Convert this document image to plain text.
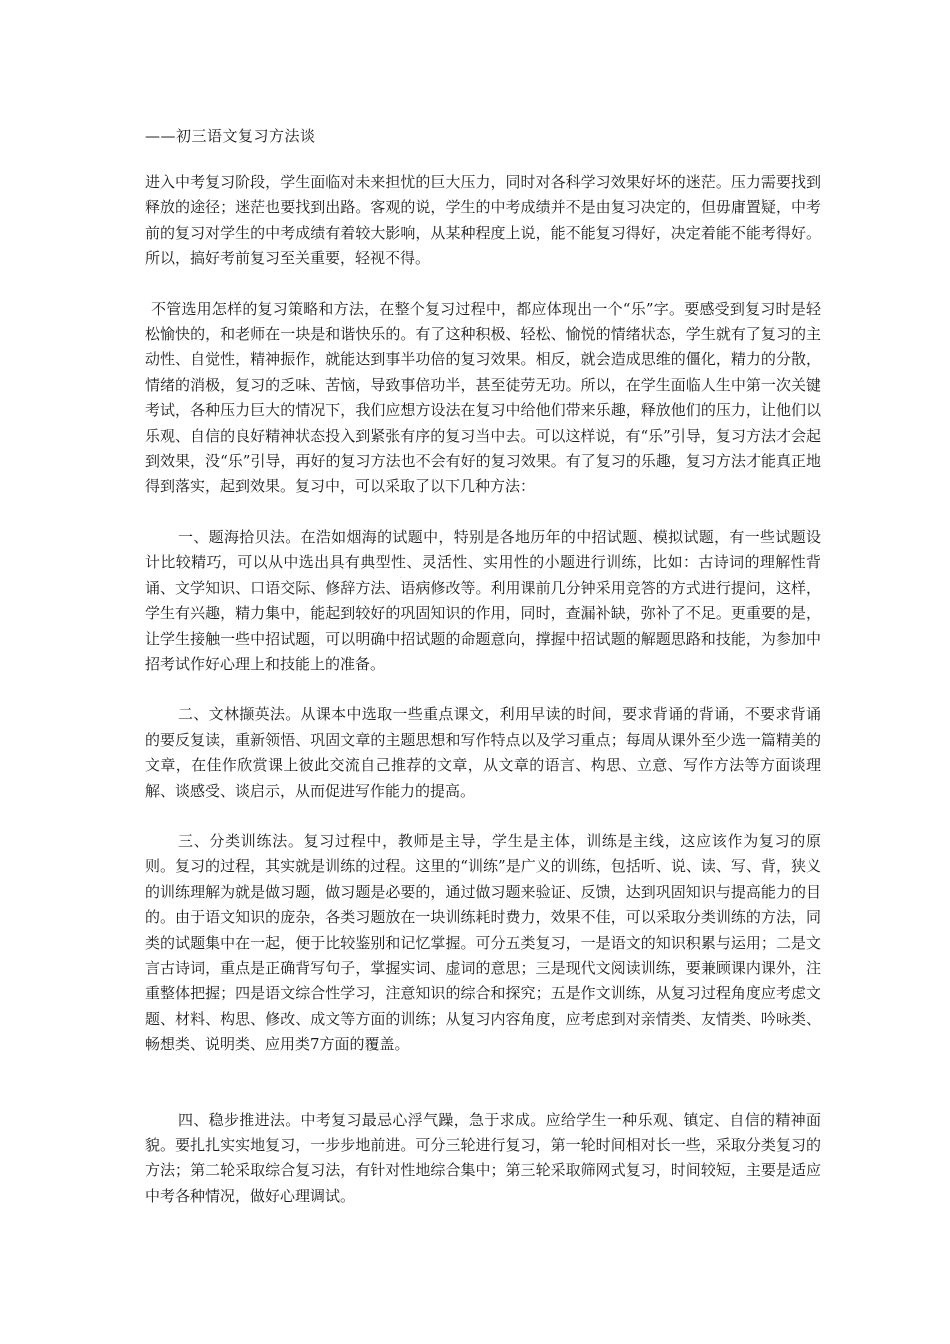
——初三语文复习方法谈

进入中考复习阶段，学生面临对未来担忧的巨大压力，同时对各科学习效果好坏的迷茫。压力需要找到释放的途径；迷茫也要找到出路。客观的说，学生的中考成绩并不是由复习决定的，但毋庸置疑，中考前的复习对学生的中考成绩有着较大影响，从某种程度上说，能不能复习得好，决定着能不能考得好。所以，搞好考前复习至关重要，轻视不得。

不管选用怎样的复习策略和方法，在整个复习过程中，都应体现出一个“乐”字。要感受到复习时是轻松愉快的，和老师在一块是和谐快乐的。有了这种积极、轻松、愉悦的情绪状态，学生就有了复习的主动性、自觉性，精神振作，就能达到事半功倍的复习效果。相反，就会造成思维的僵化，精力的分散，情绪的消极，复习的乏味、苦恼，导致事倍功半，甚至徒劳无功。所以，在学生面临人生中第一次关键考试，各种压力巨大的情况下，我们应想方设法在复习中给他们带来乐趣，释放他们的压力，让他们以乐观、自信的良好精神状态投入到紧张有序的复习当中去。可以这样说，有“乐”引导，复习方法才会起到效果，没“乐”引导，再好的复习方法也不会有好的复习效果。有了复习的乐趣，复习方法才能真正地得到落实，起到效果。复习中，可以采取了以下几种方法：

一、题海拾贝法。在浩如烟海的试题中，特别是各地历年的中招试题、模拟试题，有一些试题设计比较精巧，可以从中选出具有典型性、灵活性、实用性的小题进行训练，比如：古诗词的理解性背诵、文学知识、口语交际、修辞方法、语病修改等。利用课前几分钟采用竞答的方式进行提问，这样，学生有兴趣，精力集中，能起到较好的巩固知识的作用，同时，查漏补缺，弥补了不足。更重要的是，让学生接触一些中招试题，可以明确中招试题的命题意向，撑握中招试题的解题思路和技能，为参加中招考试作好心理上和技能上的准备。

二、文林撷英法。从课本中选取一些重点课文，利用早读的时间，要求背诵的背诵，不要求背诵的要反复读，重新领悟、巩固文章的主题思想和写作特点以及学习重点；每周从课外至少选一篇精美的文章，在佳作欣赏课上彼此交流自己推荐的文章，从文章的语言、构思、立意、写作方法等方面谈理解、谈感受、谈启示，从而促进写作能力的提高。

三、分类训练法。复习过程中，教师是主导，学生是主体，训练是主线，这应该作为复习的原则。复习的过程，其实就是训练的过程。这里的“训练”是广义的训练，包括听、说、读、写、背，狭义的训练理解为就是做习题，做习题是必要的，通过做习题来验证、反馈，达到巩固知识与提高能力的目的。由于语文知识的庞杂，各类习题放在一块训练耗时费力，效果不佳，可以采取分类训练的方法，同类的试题集中在一起，便于比较鉴别和记忆掌握。可分五类复习，一是语文的知识积累与运用；二是文言古诗词，重点是正确背写句子，掌握实词、虚词的意思；三是现代文阅读训练，要兼顾课内课外，注重整体把握；四是语文综合性学习，注意知识的综合和探究；五是作文训练，从复习过程角度应考虑文题、材料、构思、修改、成文等方面的训练；从复习内容角度，应考虑到对亲情类、友情类、吟咏类、畅想类、说明类、应用类7方面的覆盖。

四、稳步推进法。中考复习最忌心浮气躁，急于求成。应给学生一种乐观、镇定、自信的精神面貌。要扎扎实实地复习，一步步地前进。可分三轮进行复习，第一轮时间相对长一些，采取分类复习的方法；第二轮采取综合复习法，有针对性地综合集中；第三轮采取筛网式复习，时间较短，主要是适应中考各种情况，做好心理调试。
